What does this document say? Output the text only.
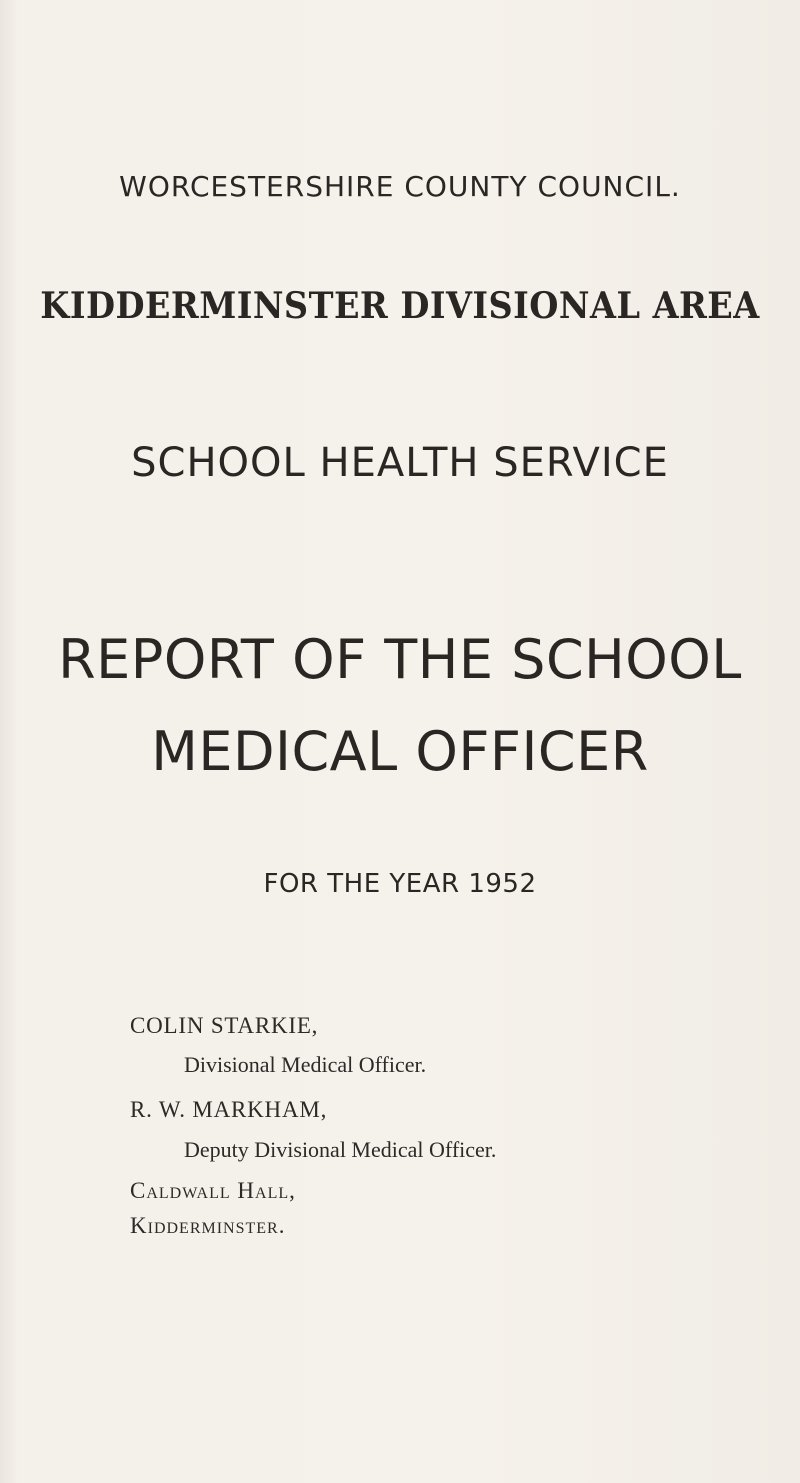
WORCESTERSHIRE COUNTY COUNCIL.
KIDDERMINSTER DIVISIONAL AREA
SCHOOL HEALTH SERVICE
REPORT OF THE SCHOOL
MEDICAL OFFICER

FOR THE YEAR 1952

COLIN STARKIE,

Divisional Medical Officer.

R. W. MARKHAM,

Deputy Divisional Medical Officer.

Caldwall Hall,

Kidderminster.
